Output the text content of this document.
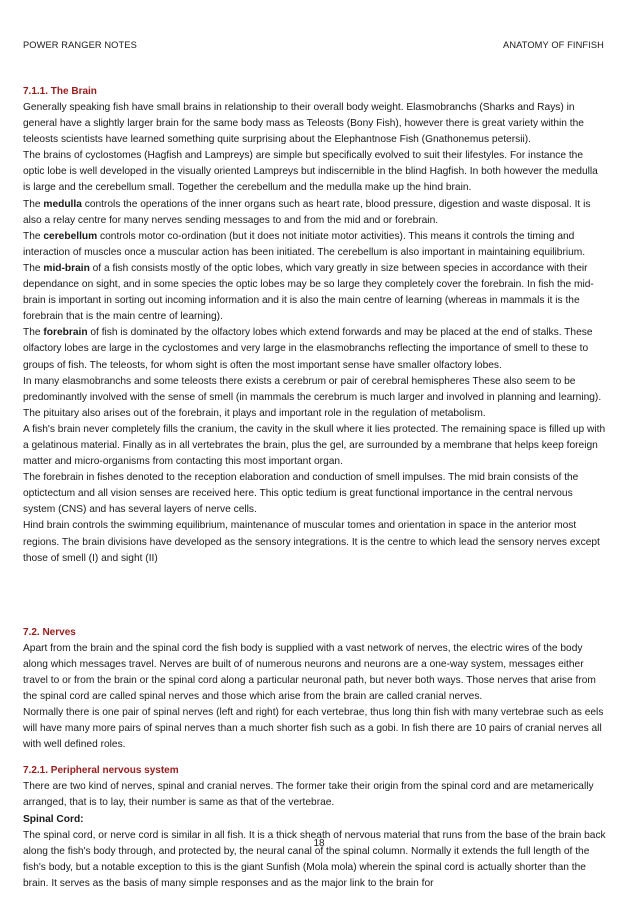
POWER RANGER NOTES	ANATOMY OF FINFISH
7.1.1. The Brain

Generally speaking fish have small brains in relationship to their overall body weight. Elasmobranchs (Sharks and Rays) in general have a slightly larger brain for the same body mass as Teleosts (Bony Fish), however there is great variety within the teleosts scientists have learned something quite surprising about the Elephantnose Fish (Gnathonemus petersii).

The brains of cyclostomes (Hagfish and Lampreys) are simple but specifically evolved to suit their lifestyles. For instance the optic lobe is well developed in the visually oriented Lampreys but indiscernible in the blind Hagfish. In both however the medulla is large and the cerebellum small. Together the cerebellum and the medulla make up the hind brain.

The medulla controls the operations of the inner organs such as heart rate, blood pressure, digestion and waste disposal. It is also a relay centre for many nerves sending messages to and from the mid and or forebrain.

The cerebellum controls motor co-ordination (but it does not initiate motor activities). This means it controls the timing and interaction of muscles once a muscular action has been initiated. The cerebellum is also important in maintaining equilibrium.

The mid-brain of a fish consists mostly of the optic lobes, which vary greatly in size between species in accordance with their dependance on sight, and in some species the optic lobes may be so large they completely cover the forebrain. In fish the mid-brain is important in sorting out incoming information and it is also the main centre of learning (whereas in mammals it is the forebrain that is the main centre of learning).

The forebrain of fish is dominated by the olfactory lobes which extend forwards and may be placed at the end of stalks. These olfactory lobes are large in the cyclostomes and very large in the elasmobranchs reflecting the importance of smell to these to groups of fish. The teleosts, for whom sight is often the most important sense have smaller olfactory lobes.

In many elasmobranchs and some teleosts there exists a cerebrum or pair of cerebral hemispheres These also seem to be predominantly involved with the sense of smell (in mammals the cerebrum is much larger and involved in planning and learning). The pituitary also arises out of the forebrain, it plays and important role in the regulation of metabolism.

A fish's brain never completely fills the cranium, the cavity in the skull where it lies protected. The remaining space is filled up with a gelatinous material. Finally as in all vertebrates the brain, plus the gel, are surrounded by a membrane that helps keep foreign matter and micro-organisms from contacting this most important organ.

The forebrain in fishes denoted to the reception elaboration and conduction of smell impulses. The mid brain consists of the optictectum and all vision senses are received here. This optic tedium is great functional importance in the central nervous system (CNS) and has several layers of nerve cells.

Hind brain controls the swimming equilibrium, maintenance of muscular tomes and orientation in space in the anterior most regions. The brain divisions have developed as the sensory integrations. It is the centre to which lead the sensory nerves except those of smell (I) and sight (II)

7.2. Nerves

Apart from the brain and the spinal cord the fish body is supplied with a vast network of nerves, the electric wires of the body along which messages travel. Nerves are built of of numerous neurons and neurons are a one-way system, messages either travel to or from the brain or the spinal cord along a particular neuronal path, but never both ways. Those nerves that arise from the spinal cord are called spinal nerves and those which arise from the brain are called cranial nerves.

Normally there is one pair of spinal nerves (left and right) for each vertebrae, thus long thin fish with many vertebrae such as eels will have many more pairs of spinal nerves than a much shorter fish such as a gobi. In fish there are 10 pairs of cranial nerves all with well defined roles.

7.2.1. Peripheral nervous system

There are two kind of nerves, spinal and cranial nerves. The former take their origin from the spinal cord and are metamerically arranged, that is to lay, their number is same as that of the vertebrae.

Spinal Cord:

The spinal cord, or nerve cord is similar in all fish. It is a thick sheath of nervous material that runs from the base of the brain back along the fish's body through, and protected by, the neural canal of the spinal column. Normally it extends the full length of the fish's body, but a notable exception to this is the giant Sunfish (Mola mola) wherein the spinal cord is actually shorter than the brain. It serves as the basis of many simple responses and as the major link to the brain for

18
